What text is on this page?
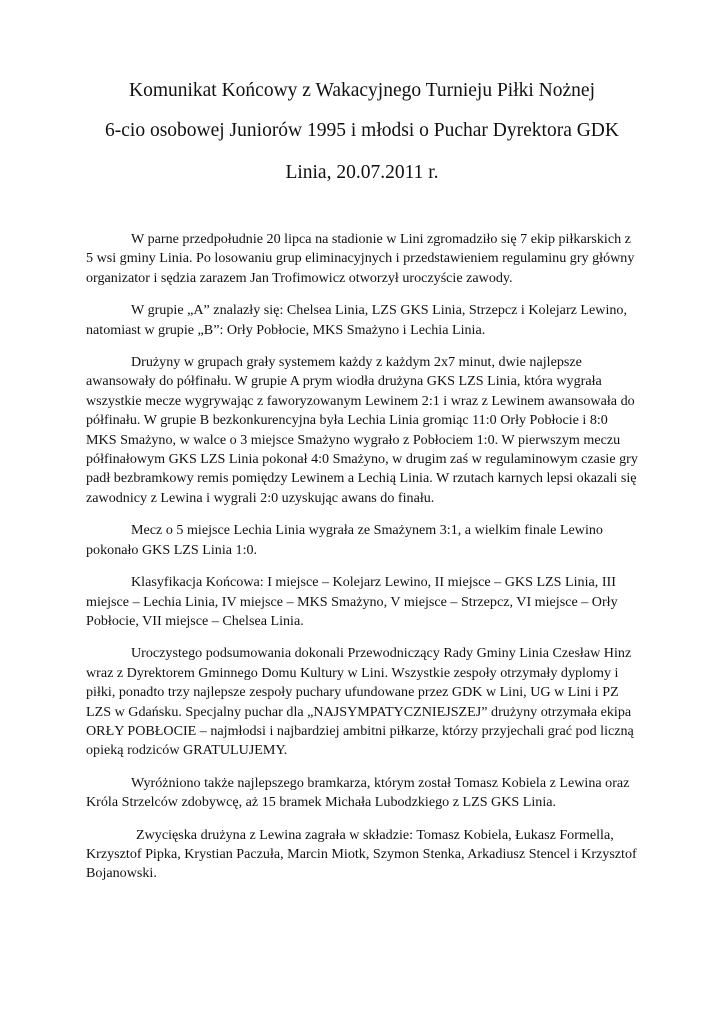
Komunikat Końcowy z Wakacyjnego Turnieju Piłki Nożnej

6-cio osobowej Juniorów 1995 i młodsi o Puchar Dyrektora GDK

Linia, 20.07.2011 r.

W parne przedpołudnie 20 lipca na stadionie w Lini zgromadziło się 7 ekip piłkarskich z 5 wsi gminy Linia. Po losowaniu grup eliminacyjnych i przedstawieniem regulaminu gry główny organizator i sędzia zarazem Jan Trofimowicz otworzył uroczyście zawody.

W grupie „A” znalazły się: Chelsea Linia, LZS GKS Linia, Strzepcz i Kolejarz Lewino, natomiast w grupie „B”: Orły Pobłocie, MKS Smażyno i Lechia Linia.

Drużyny w grupach grały systemem każdy z każdym 2x7 minut, dwie najlepsze awansowały do półfinału. W grupie A prym wiodła drużyna GKS LZS Linia, która wygrała wszystkie mecze wygrywając z faworyzowanym Lewinem 2:1 i wraz z Lewinem awansowała do półfinału. W grupie B bezkonkurencyjna była Lechia Linia gromiąc 11:0 Orły Pobłocie i 8:0 MKS Smażyno, w walce o 3 miejsce Smażyno wygrało z Pobłociem 1:0. W pierwszym meczu półfinałowym GKS LZS Linia pokonał 4:0 Smażyno, w drugim zaś w regulaminowym czasie gry padł bezbramkowy remis pomiędzy Lewinem a Lechią Linia. W rzutach karnych lepsi okazali się zawodnicy z Lewina i wygrali 2:0 uzyskując awans do finału.

Mecz o 5 miejsce Lechia Linia wygrała ze Smażynem 3:1, a wielkim finale Lewino pokonało GKS LZS Linia 1:0.

Klasyfikacja Końcowa: I miejsce – Kolejarz Lewino, II miejsce – GKS LZS Linia, III miejsce – Lechia Linia, IV miejsce – MKS Smażyno, V miejsce – Strzepcz, VI miejsce – Orły Pobłocie, VII miejsce – Chelsea Linia.

Uroczystego podsumowania dokonali Przewodniczący Rady Gminy Linia Czesław Hinz wraz z Dyrektorem Gminnego Domu Kultury w Lini. Wszystkie zespoły otrzymały dyplomy i piłki, ponadto trzy najlepsze zespoły puchary ufundowane przez GDK w Lini, UG w Lini i PZ LZS w Gdańsku. Specjalny puchar dla „NAJSYMPATYCZNIEJSZEJ” drużyny otrzymała ekipa ORŁY POBŁOCIE – najmłodsi i najbardziej ambitni piłkarze, którzy przyjechali grać pod liczną opieką rodziców GRATULUJEMY.

Wyróżniono także najlepszego bramkarza, którym został Tomasz Kobiela z Lewina oraz Króla Strzelców zdobywcę, aż 15 bramek Michała Lubodzkiego z LZS GKS Linia.

Zwycięska drużyna z Lewina zagrała w składzie: Tomasz Kobiela, Łukasz Formella, Krzysztof Pipka, Krystian Paczuła, Marcin Miotk, Szymon Stenka, Arkadiusz Stencel i Krzysztof Bojanowski.
